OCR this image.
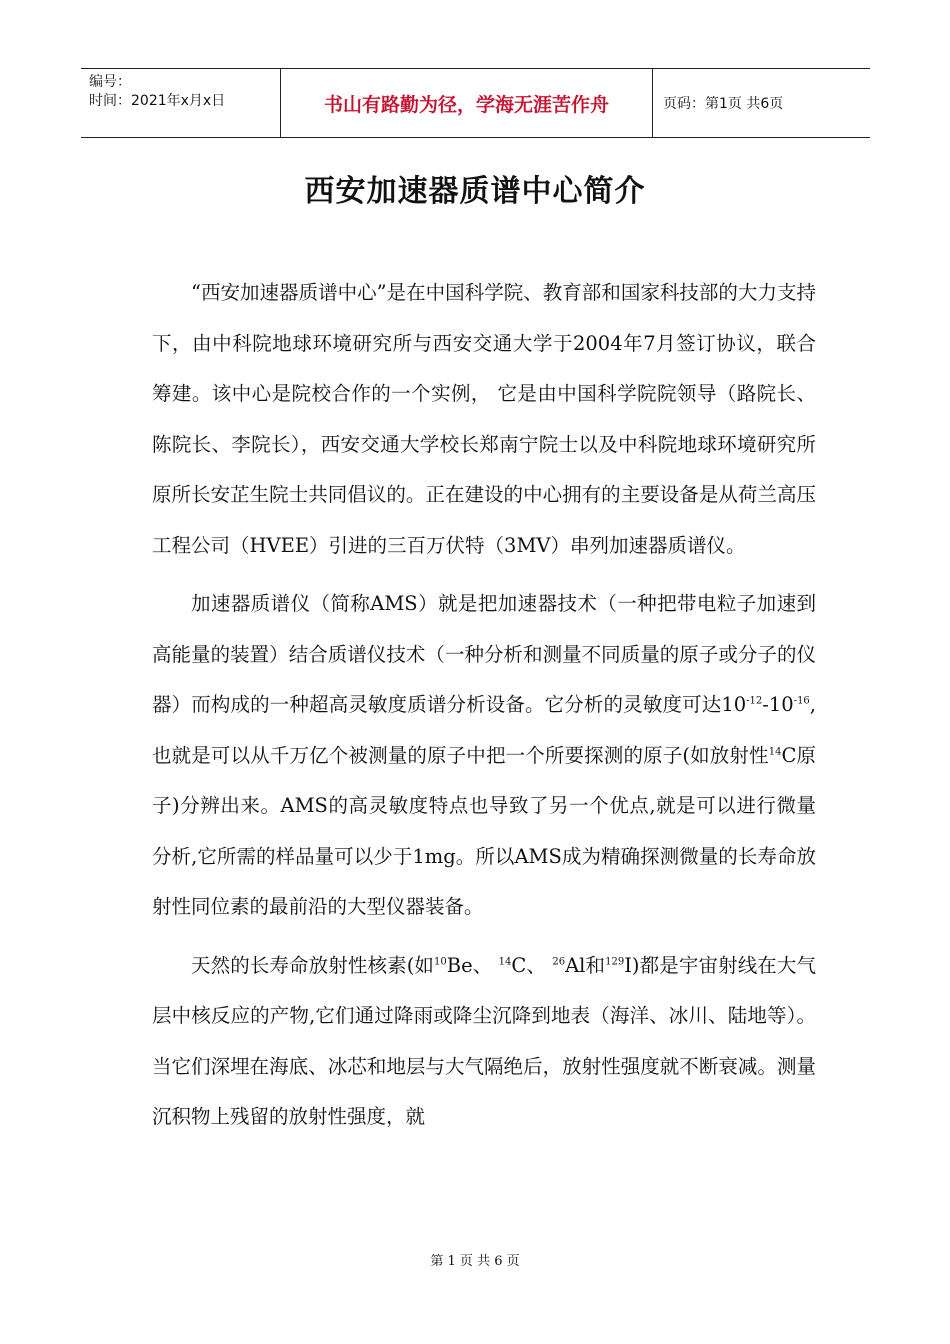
编号：
时间：2021年x月x日	书山有路勤为径，学海无涯苦作舟	页码：第1页 共6页
西安加速器质谱中心简介

“西安加速器质谱中心”是在中国科学院、教育部和国家科技部的大力支持下，由中科院地球环境研究所与西安交通大学于2004年7月签订协议，联合筹建。该中心是院校合作的一个实例， 它是由中国科学院院领导（路院长、陈院长、李院长），西安交通大学校长郑南宁院士以及中科院地球环境研究所原所长安芷生院士共同倡议的。正在建设的中心拥有的主要设备是从荷兰高压工程公司（HVEE）引进的三百万伏特（3MV）串列加速器质谱仪。

加速器质谱仪（简称AMS）就是把加速器技术（一种把带电粒子加速到高能量的装置）结合质谱仪技术（一种分析和测量不同质量的原子或分子的仪器）而构成的一种超高灵敏度质谱分析设备。它分析的灵敏度可达$10^{-12}-10^{-16}$,也就是可以从千万亿个被测量的原子中把一个所要探测的原子(如放射性$^{14}$C原子)分辨出来。AMS的高灵敏度特点也导致了另一个优点,就是可以进行微量分析,它所需的样品量可以少于1mg。所以AMS成为精确探测微量的长寿命放射性同位素的最前沿的大型仪器装备。

天然的长寿命放射性核素(如$^{10}$Be、 $^{14}$C、 $^{26}$Al和$^{129}$I)都是宇宙射线在大气层中核反应的产物,它们通过降雨或降尘沉降到地表（海洋、冰川、陆地等）。当它们深埋在海底、冰芯和地层与大气隔绝后，放射性强度就不断衰减。测量沉积物上残留的放射性强度，就

第 1 页 共 6 页
